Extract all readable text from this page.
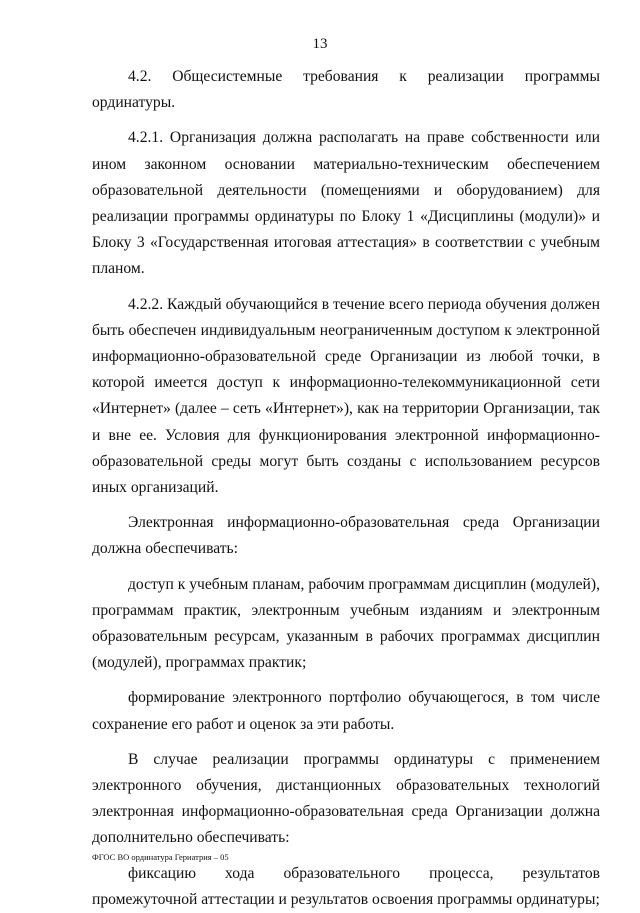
13

4.2. Общесистемные требования к реализации программы ординатуры.

4.2.1. Организация должна располагать на праве собственности или ином законном основании материально-техническим обеспечением образовательной деятельности (помещениями и оборудованием) для реализации программы ординатуры по Блоку 1 «Дисциплины (модули)» и Блоку 3 «Государственная итоговая аттестация» в соответствии с учебным планом.

4.2.2. Каждый обучающийся в течение всего периода обучения должен быть обеспечен индивидуальным неограниченным доступом к электронной информационно-образовательной среде Организации из любой точки, в которой имеется доступ к информационно-телекоммуникационной сети «Интернет» (далее – сеть «Интернет»), как на территории Организации, так и вне ее. Условия для функционирования электронной информационно-образовательной среды могут быть созданы с использованием ресурсов иных организаций.

Электронная информационно-образовательная среда Организации должна обеспечивать:

доступ к учебным планам, рабочим программам дисциплин (модулей), программам практик, электронным учебным изданиям и электронным образовательным ресурсам, указанным в рабочих программах дисциплин (модулей), программах практик;

формирование электронного портфолио обучающегося, в том числе сохранение его работ и оценок за эти работы.

В случае реализации программы ординатуры с применением электронного обучения, дистанционных образовательных технологий электронная информационно-образовательная среда Организации должна дополнительно обеспечивать:

фиксацию хода образовательного процесса, результатов промежуточной аттестации и результатов освоения программы ординатуры;

ФГОС ВО ординатура Гериатрия – 05
